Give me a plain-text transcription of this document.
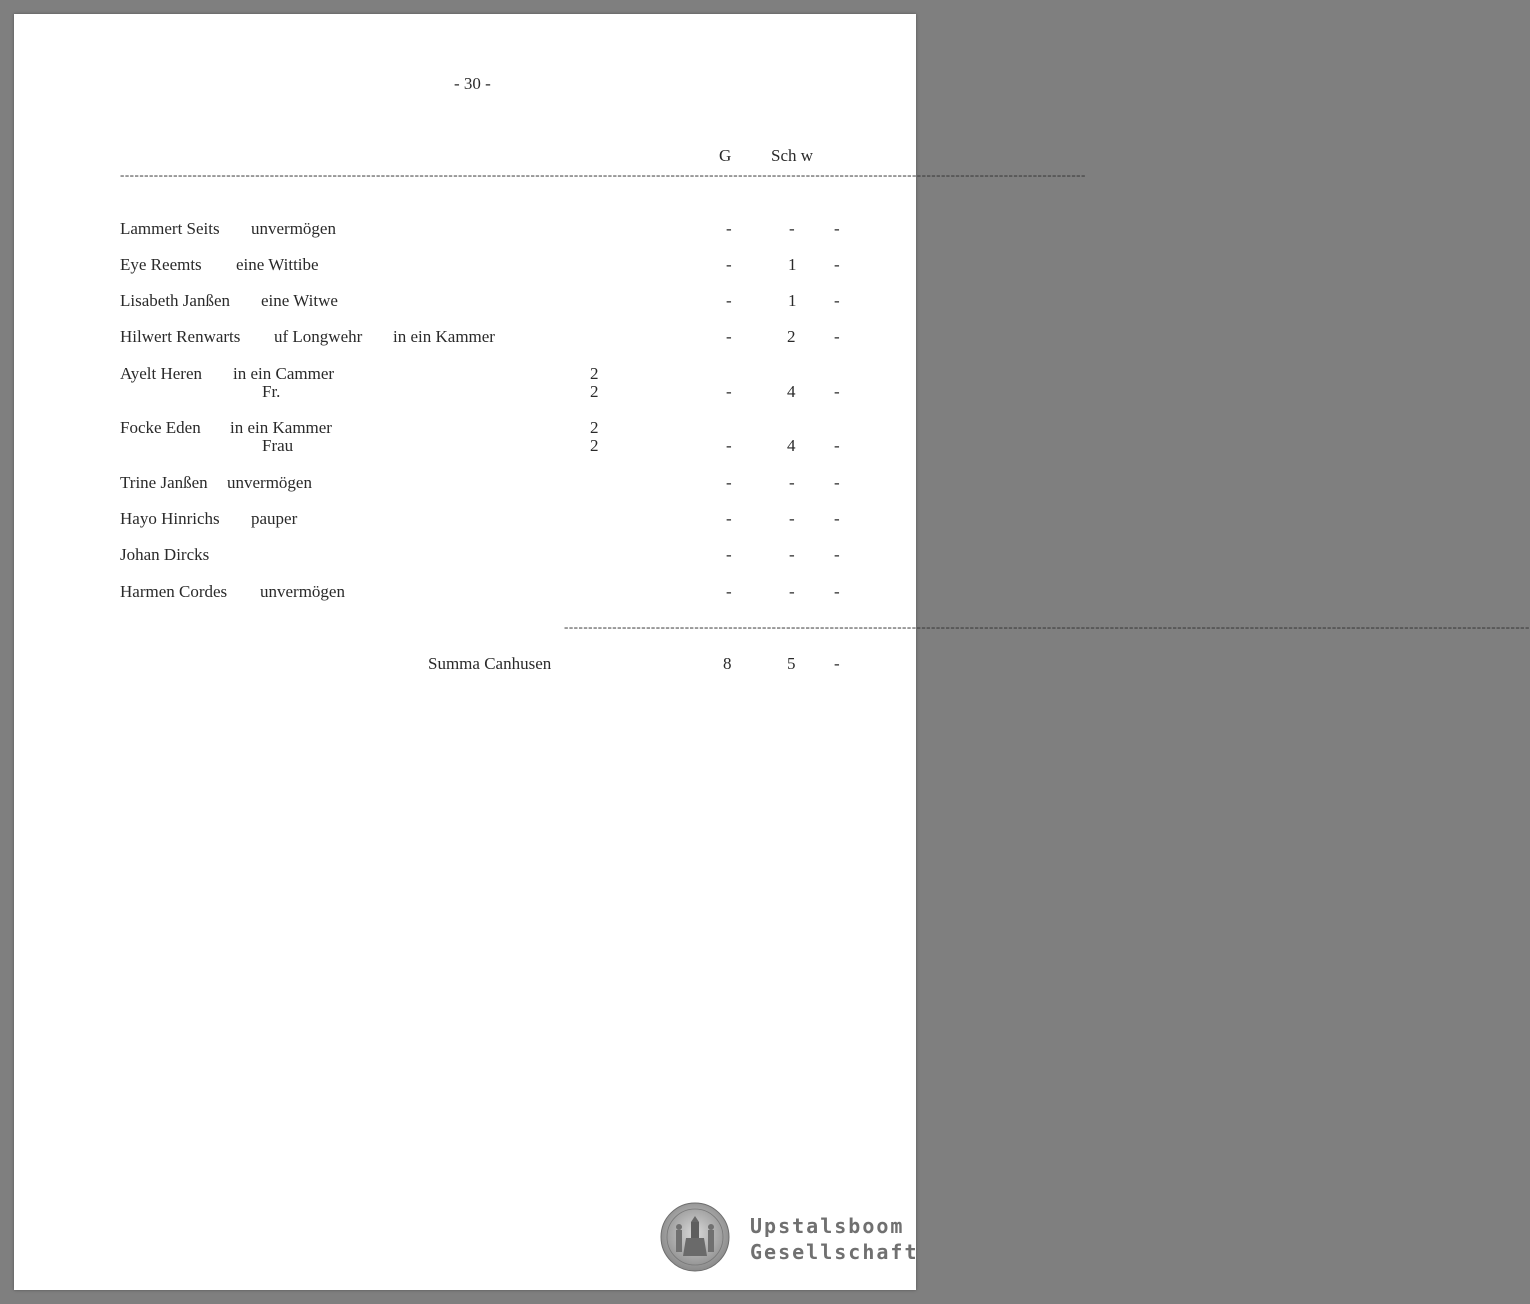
- 30 -
G Sch w
--------------------------------------------------------------------------------------------------------------------------------------------------------------------------------------------------------
Lammert Seits unvermögen	-	- -
Eye Reemts eine Wittibe	-	1 -
Lisabeth Janßen eine Witwe	-	1 -
Hilwert Renwarts uf Longwehr in ein Kammer	-	2 -
Ayelt Heren in ein Cammer	2
Fr.	2	-	4 -
Focke Eden in ein Kammer	2
Frau	2	-	4 -
Trine Janßen unvermögen	-	- -
Hayo Hinrichs pauper	-	- -
Johan Dircks	-	- -
Harmen Cordes unvermögen	-	- -
--------------------------------------------------------------------------------------------------------------------------------------------------------------------------------------------------------
Summa Canhusen	8	5 -
Upstalsboom
Gesellschaft
